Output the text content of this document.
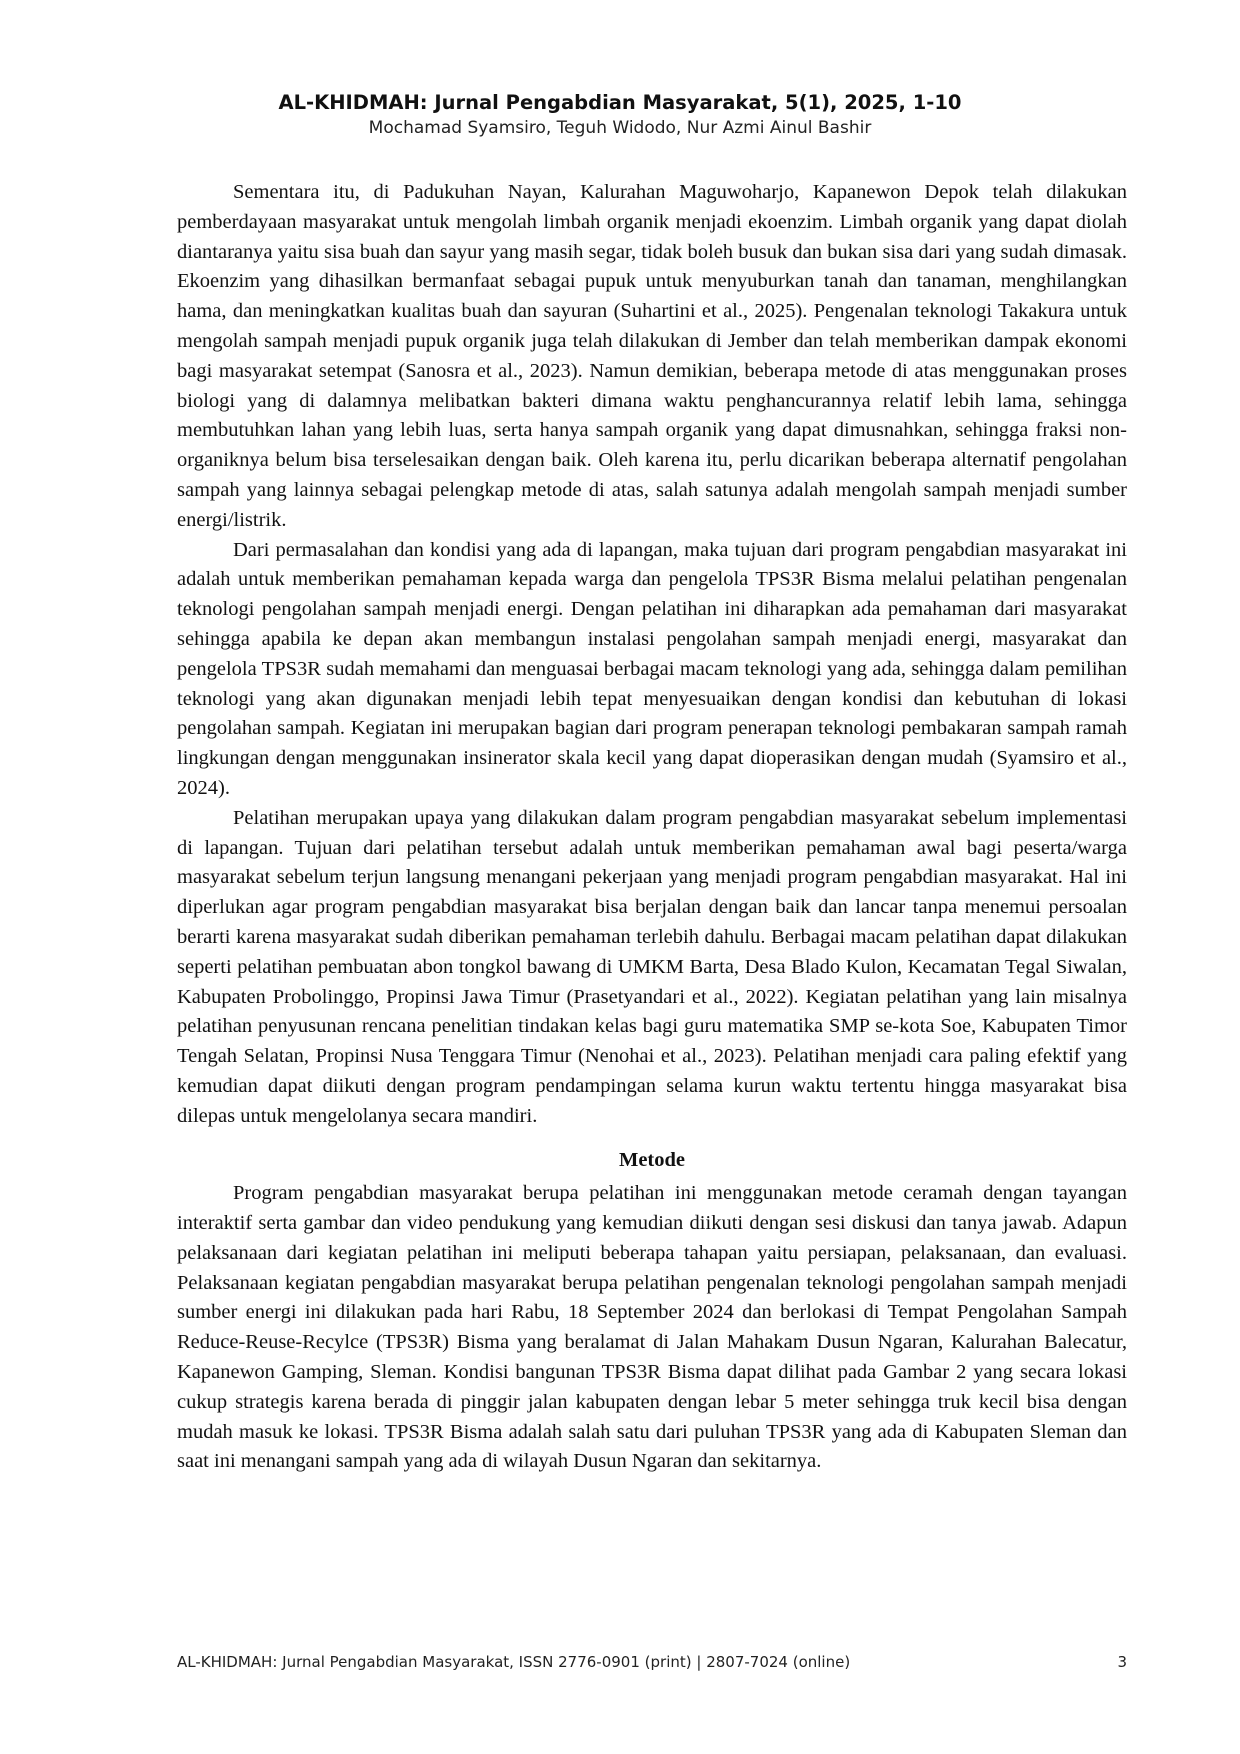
AL-KHIDMAH: Jurnal Pengabdian Masyarakat, 5(1), 2025, 1-10
Mochamad Syamsiro, Teguh Widodo, Nur Azmi Ainul Bashir

Sementara itu, di Padukuhan Nayan, Kalurahan Maguwoharjo, Kapanewon Depok telah dilakukan pemberdayaan masyarakat untuk mengolah limbah organik menjadi ekoenzim. Limbah organik yang dapat diolah diantaranya yaitu sisa buah dan sayur yang masih segar, tidak boleh busuk dan bukan sisa dari yang sudah dimasak. Ekoenzim yang dihasilkan bermanfaat sebagai pupuk untuk menyuburkan tanah dan tanaman, menghilangkan hama, dan meningkatkan kualitas buah dan sayuran (Suhartini et al., 2025). Pengenalan teknologi Takakura untuk mengolah sampah menjadi pupuk organik juga telah dilakukan di Jember dan telah memberikan dampak ekonomi bagi masyarakat setempat (Sanosra et al., 2023). Namun demikian, beberapa metode di atas menggunakan proses biologi yang di dalamnya melibatkan bakteri dimana waktu penghancurannya relatif lebih lama, sehingga membutuhkan lahan yang lebih luas, serta hanya sampah organik yang dapat dimusnahkan, sehingga fraksi non-organiknya belum bisa terselesaikan dengan baik. Oleh karena itu, perlu dicarikan beberapa alternatif pengolahan sampah yang lainnya sebagai pelengkap metode di atas, salah satunya adalah mengolah sampah menjadi sumber energi/listrik.

Dari permasalahan dan kondisi yang ada di lapangan, maka tujuan dari program pengabdian masyarakat ini adalah untuk memberikan pemahaman kepada warga dan pengelola TPS3R Bisma melalui pelatihan pengenalan teknologi pengolahan sampah menjadi energi. Dengan pelatihan ini diharapkan ada pemahaman dari masyarakat sehingga apabila ke depan akan membangun instalasi pengolahan sampah menjadi energi, masyarakat dan pengelola TPS3R sudah memahami dan menguasai berbagai macam teknologi yang ada, sehingga dalam pemilihan teknologi yang akan digunakan menjadi lebih tepat menyesuaikan dengan kondisi dan kebutuhan di lokasi pengolahan sampah. Kegiatan ini merupakan bagian dari program penerapan teknologi pembakaran sampah ramah lingkungan dengan menggunakan insinerator skala kecil yang dapat dioperasikan dengan mudah (Syamsiro et al., 2024).

Pelatihan merupakan upaya yang dilakukan dalam program pengabdian masyarakat sebelum implementasi di lapangan. Tujuan dari pelatihan tersebut adalah untuk memberikan pemahaman awal bagi peserta/warga masyarakat sebelum terjun langsung menangani pekerjaan yang menjadi program pengabdian masyarakat. Hal ini diperlukan agar program pengabdian masyarakat bisa berjalan dengan baik dan lancar tanpa menemui persoalan berarti karena masyarakat sudah diberikan pemahaman terlebih dahulu. Berbagai macam pelatihan dapat dilakukan seperti pelatihan pembuatan abon tongkol bawang di UMKM Barta, Desa Blado Kulon, Kecamatan Tegal Siwalan, Kabupaten Probolinggo, Propinsi Jawa Timur (Prasetyandari et al., 2022). Kegiatan pelatihan yang lain misalnya pelatihan penyusunan rencana penelitian tindakan kelas bagi guru matematika SMP se-kota Soe, Kabupaten Timor Tengah Selatan, Propinsi Nusa Tenggara Timur (Nenohai et al., 2023). Pelatihan menjadi cara paling efektif yang kemudian dapat diikuti dengan program pendampingan selama kurun waktu tertentu hingga masyarakat bisa dilepas untuk mengelolanya secara mandiri.

Metode

Program pengabdian masyarakat berupa pelatihan ini menggunakan metode ceramah dengan tayangan interaktif serta gambar dan video pendukung yang kemudian diikuti dengan sesi diskusi dan tanya jawab. Adapun pelaksanaan dari kegiatan pelatihan ini meliputi beberapa tahapan yaitu persiapan, pelaksanaan, dan evaluasi. Pelaksanaan kegiatan pengabdian masyarakat berupa pelatihan pengenalan teknologi pengolahan sampah menjadi sumber energi ini dilakukan pada hari Rabu, 18 September 2024 dan berlokasi di Tempat Pengolahan Sampah Reduce-Reuse-Recylce (TPS3R) Bisma yang beralamat di Jalan Mahakam Dusun Ngaran, Kalurahan Balecatur, Kapanewon Gamping, Sleman. Kondisi bangunan TPS3R Bisma dapat dilihat pada Gambar 2 yang secara lokasi cukup strategis karena berada di pinggir jalan kabupaten dengan lebar 5 meter sehingga truk kecil bisa dengan mudah masuk ke lokasi. TPS3R Bisma adalah salah satu dari puluhan TPS3R yang ada di Kabupaten Sleman dan saat ini menangani sampah yang ada di wilayah Dusun Ngaran dan sekitarnya.

AL-KHIDMAH: Jurnal Pengabdian Masyarakat, ISSN 2776-0901 (print) | 2807-7024 (online)	3
